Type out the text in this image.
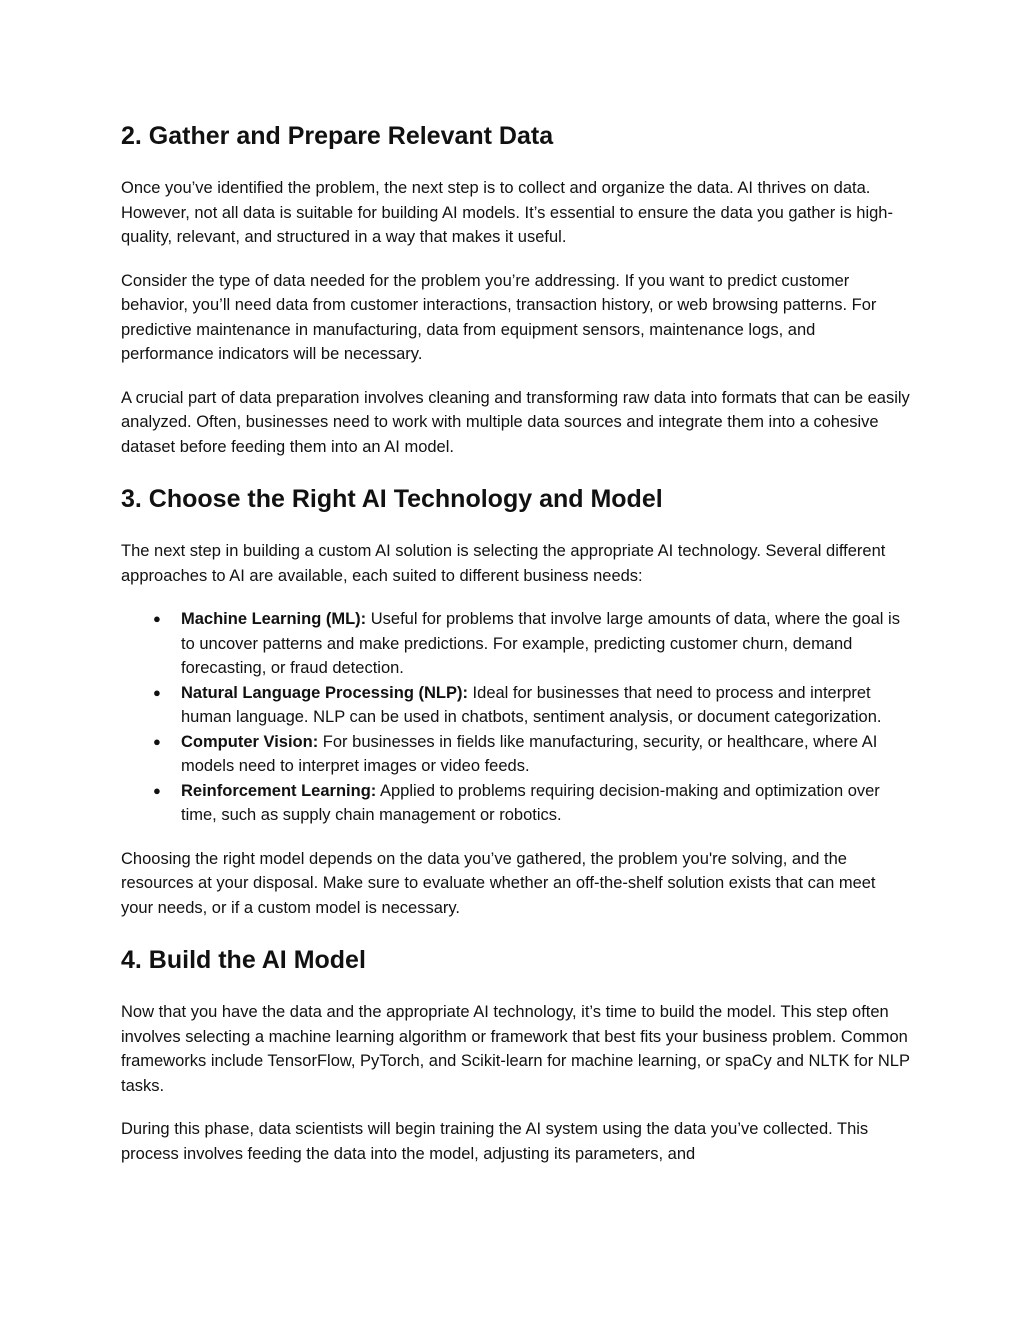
2. Gather and Prepare Relevant Data

Once you’ve identified the problem, the next step is to collect and organize the data. AI thrives on data. However, not all data is suitable for building AI models. It’s essential to ensure the data you gather is high-quality, relevant, and structured in a way that makes it useful.

Consider the type of data needed for the problem you’re addressing. If you want to predict customer behavior, you’ll need data from customer interactions, transaction history, or web browsing patterns. For predictive maintenance in manufacturing, data from equipment sensors, maintenance logs, and performance indicators will be necessary.

A crucial part of data preparation involves cleaning and transforming raw data into formats that can be easily analyzed. Often, businesses need to work with multiple data sources and integrate them into a cohesive dataset before feeding them into an AI model.

3. Choose the Right AI Technology and Model

The next step in building a custom AI solution is selecting the appropriate AI technology. Several different approaches to AI are available, each suited to different business needs:

● Machine Learning (ML): Useful for problems that involve large amounts of data, where the goal is to uncover patterns and make predictions. For example, predicting customer churn, demand forecasting, or fraud detection.
● Natural Language Processing (NLP): Ideal for businesses that need to process and interpret human language. NLP can be used in chatbots, sentiment analysis, or document categorization.
● Computer Vision: For businesses in fields like manufacturing, security, or healthcare, where AI models need to interpret images or video feeds.
● Reinforcement Learning: Applied to problems requiring decision-making and optimization over time, such as supply chain management or robotics.

Choosing the right model depends on the data you’ve gathered, the problem you're solving, and the resources at your disposal. Make sure to evaluate whether an off-the-shelf solution exists that can meet your needs, or if a custom model is necessary.

4. Build the AI Model

Now that you have the data and the appropriate AI technology, it’s time to build the model. This step often involves selecting a machine learning algorithm or framework that best fits your business problem. Common frameworks include TensorFlow, PyTorch, and Scikit-learn for machine learning, or spaCy and NLTK for NLP tasks.

During this phase, data scientists will begin training the AI system using the data you’ve collected. This process involves feeding the data into the model, adjusting its parameters, and
